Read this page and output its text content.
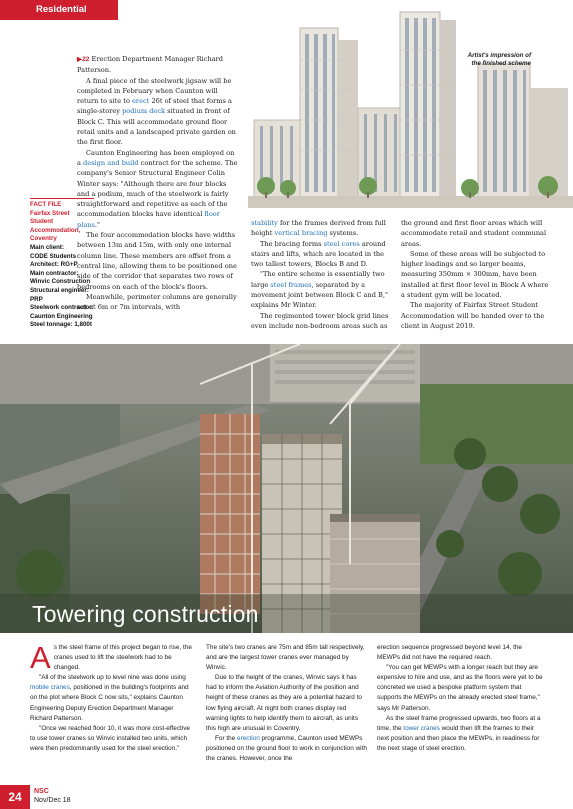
Residential
Artist's impression of
the finished scheme

▶22 Erection Department Manager Richard Patterson.

A final piece of the steelwork jigsaw will be completed in February when Caunton will return to site to erect 26t of steel that forms a single-storey podium deck situated in front of Block C. This will accommodate ground floor retail units and a landscaped private garden on the first floor.

Caunton Engineering has been employed on a design and build contract for the scheme. The company's Senior Structural Engineer Colin Winter says: "Although there are four blocks and a podium, much of the steelwork is fairly straightforward and repetitive as each of the accommodation blocks have identical floor plans."

The four accommodation blocks have widths between 13m and 15m, with only one internal column line. These members are offset from a central line, allowing them to be positioned one side of the corridor that separates two rows of bedrooms on each of the block's floors.

Meanwhile, perimeter columns are generally set at 6m or 7m intervals, with

FACT FILE
Fairfax Street Student Accommodation, Coventry
Main client:
CODE Students
Architect: RG+P
Main contractor:
Winvic Construction
Structural engineer:
PRP
Steelwork contractor:
Caunton Engineering
Steel tonnage: 1,800t

stability for the frames derived from full height vertical bracing systems.

The bracing forms steel cores around stairs and lifts, which are located in the two tallest towers, Blocks B and D.

"The entire scheme is essentially two large steel frames, separated by a movement joint between Block C and B," explains Mr Winter.

The regimented tower block grid lines even include non-bedroom areas such as

the ground and first floor areas which will accommodate retail and student communal areas.

Some of these areas will be subjected to higher loadings and so larger beams, measuring 350mm × 300mm, have been installed at first floor level in Block A where a student gym will be located.

The majority of Fairfax Street Student Accommodation will be handed over to the client in August 2019.

Towering construction

As the steel frame of this project began to rise, the cranes used to lift the steelwork had to be changed.

"All of the steelwork up to level nine was done using mobile cranes, positioned in the building's footprints and on the plot where Block C now sits," explains Caunton Engineering Deputy Erection Department Manager Richard Patterson.

"Once we reached floor 10, it was more cost-effective to use tower cranes so Winvic installed two units, which were then predominantly used for the steel erection."

The site's two cranes are 75m and 85m tall respectively, and are the largest tower cranes ever managed by Winvic.

Due to the height of the cranes, Winvic says it has had to inform the Aviation Authority of the position and height of these cranes as they are a potential hazard to low flying aircraft. At night both cranes display red warning lights to help identify them to aircraft, as units this high are unusual in Coventry.

For the erection programme, Caunton used MEWPs positioned on the ground floor to work in conjunction with the cranes. However, once the

erection sequence progressed beyond level 14, the MEWPs did not have the required reach.

"You can get MEWPs with a longer reach but they are expensive to hire and use, and as the floors were yet to be concreted we used a bespoke platform system that supports the MEWPs on the already erected steel frame," says Mr Patterson.

As the steel frame progressed upwards, two floors at a time, the tower cranes would then lift the frames to their next position and then place the MEWPs, in readiness for the next stage of steel erection.

24	NSC
Nov/Dec 18
